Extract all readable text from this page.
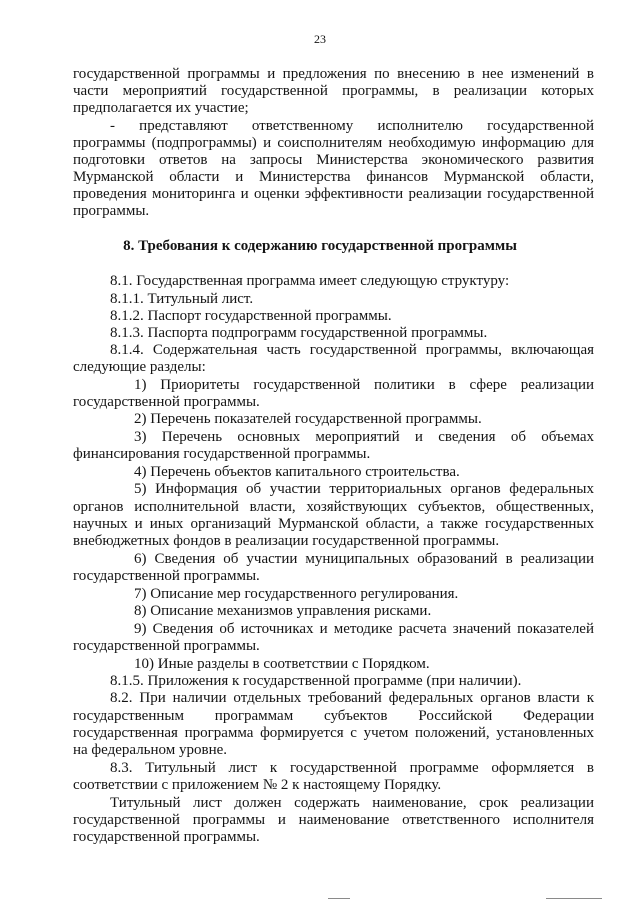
23
государственной программы и предложения по внесению в нее изменений в
части мероприятий государственной программы, в реализации которых
предполагается их участие;
- представляют ответственному исполнителю государственной
программы (подпрограммы) и соисполнителям необходимую информацию для
подготовки ответов на запросы Министерства экономического развития
Мурманской области и Министерства финансов Мурманской области,
проведения мониторинга и оценки эффективности реализации государственной
программы.
8. Требования к содержанию государственной программы
8.1. Государственная программа имеет следующую структуру:
8.1.1. Титульный лист.
8.1.2. Паспорт государственной программы.
8.1.3. Паспорта подпрограмм государственной программы.
8.1.4. Содержательная часть государственной программы, включающая
следующие разделы:
1) Приоритеты государственной политики в сфере реализации
государственной программы.
2) Перечень показателей государственной программы.
3) Перечень основных мероприятий и сведения об объемах
финансирования государственной программы.
4) Перечень объектов капитального строительства.
5) Информация об участии территориальных органов федеральных
органов исполнительной власти, хозяйствующих субъектов, общественных,
научных и иных организаций Мурманской области, а также государственных
внебюджетных фондов в реализации государственной программы.
6) Сведения об участии муниципальных образований в реализации
государственной программы.
7) Описание мер государственного регулирования.
8) Описание механизмов управления рисками.
9) Сведения об источниках и методике расчета значений показателей
государственной программы.
10) Иные разделы в соответствии с Порядком.
8.1.5. Приложения к государственной программе (при наличии).
8.2. При наличии отдельных требований федеральных органов власти к
государственным программам субъектов Российской Федерации
государственная программа формируется с учетом положений, установленных
на федеральном уровне.
8.3. Титульный лист к государственной программе оформляется в
соответствии с приложением № 2 к настоящему Порядку.
Титульный лист должен содержать наименование, срок реализации
государственной программы и наименование ответственного исполнителя
государственной программы.
